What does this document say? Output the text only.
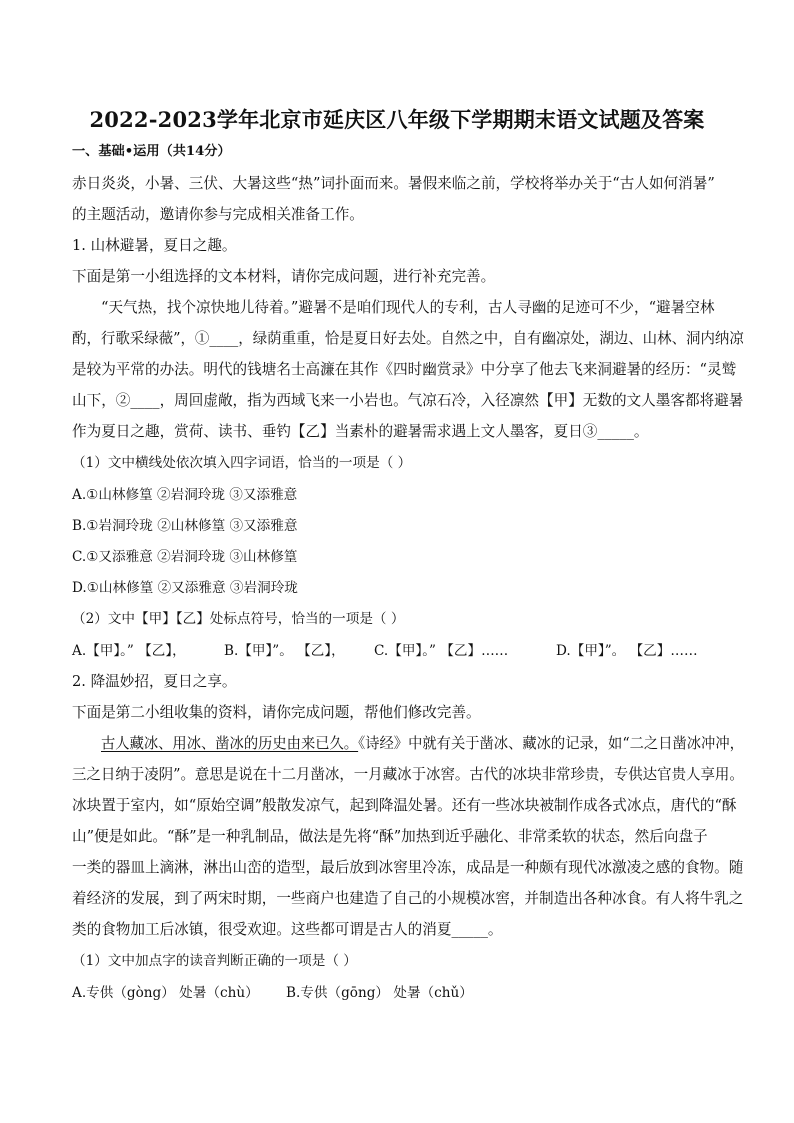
2022-2023学年北京市延庆区八年级下学期期末语文试题及答案
一、基础•运用（共14分）
赤日炎炎，小暑、三伏、大暑这些“热”词扑面而来。暑假来临之前，学校将举办关于“古人如何消暑”
的主题活动，邀请你参与完成相关准备工作。
1. 山林避暑，夏日之趣。
下面是第一小组选择的文本材料，请你完成问题，进行补充完善。
“天气热，找个凉快地儿待着。”避暑不是咱们现代人的专利，古人寻幽的足迹可不少，“避暑空林
酌，行歌采绿薇”，①____，绿荫重重，恰是夏日好去处。自然之中，自有幽凉处，湖边、山林、洞内纳凉
是较为平常的办法。明代的钱塘名士高濂在其作《四时幽赏录》中分享了他去飞来洞避暑的经历：“灵鹫
山下，②____，周回虚敞，指为西域飞来一小岩也。气凉石冷，入径凛然【甲】无数的文人墨客都将避暑
作为夏日之趣，赏荷、读书、垂钓【乙】当素朴的避暑需求遇上文人墨客，夏日③_____。
（1）文中横线处依次填入四字词语，恰当的一项是（ ）
A.①山林修篁 ②岩洞玲珑 ③又添雅意
B.①岩洞玲珑 ②山林修篁 ③又添雅意
C.①又添雅意 ②岩洞玲珑 ③山林修篁
D.①山林修篁 ②又添雅意 ③岩洞玲珑
（2）文中【甲】【乙】处标点符号，恰当的一项是（ ）
A.【甲】。” 【乙】，	B.【甲】”。 【乙】， C.【甲】。” 【乙】……	D.【甲】”。 【乙】……
2. 降温妙招，夏日之享。
下面是第二小组收集的资料，请你完成问题，帮他们修改完善。
古人藏冰、用冰、凿冰的历史由来已久。《诗经》中就有关于凿冰、藏冰的记录，如“二之日凿冰冲冲，
三之日纳于凌阴”。意思是说在十二月凿冰，一月藏冰于冰窖。古代的冰块非常珍贵，专供达官贵人享用。
冰块置于室内，如“原始空调”般散发凉气，起到降温处暑。还有一些冰块被制作成各式冰点，唐代的“酥
山”便是如此。“酥”是一种乳制品，做法是先将“酥”加热到近乎融化、非常柔软的状态，然后向盘子
一类的器皿上滴淋，淋出山峦的造型，最后放到冰窖里冷冻，成品是一种颇有现代冰激凌之感的食物。随
着经济的发展，到了两宋时期，一些商户也建造了自己的小规模冰窖，并制造出各种冰食。有人将牛乳之
类的食物加工后冰镇，很受欢迎。这些都可谓是古人的消夏_____。
（1）文中加点字的读音判断正确的一项是（ ）
A.专供（gòng） 处暑（chù） B.专供（gōng） 处暑（chǔ）
